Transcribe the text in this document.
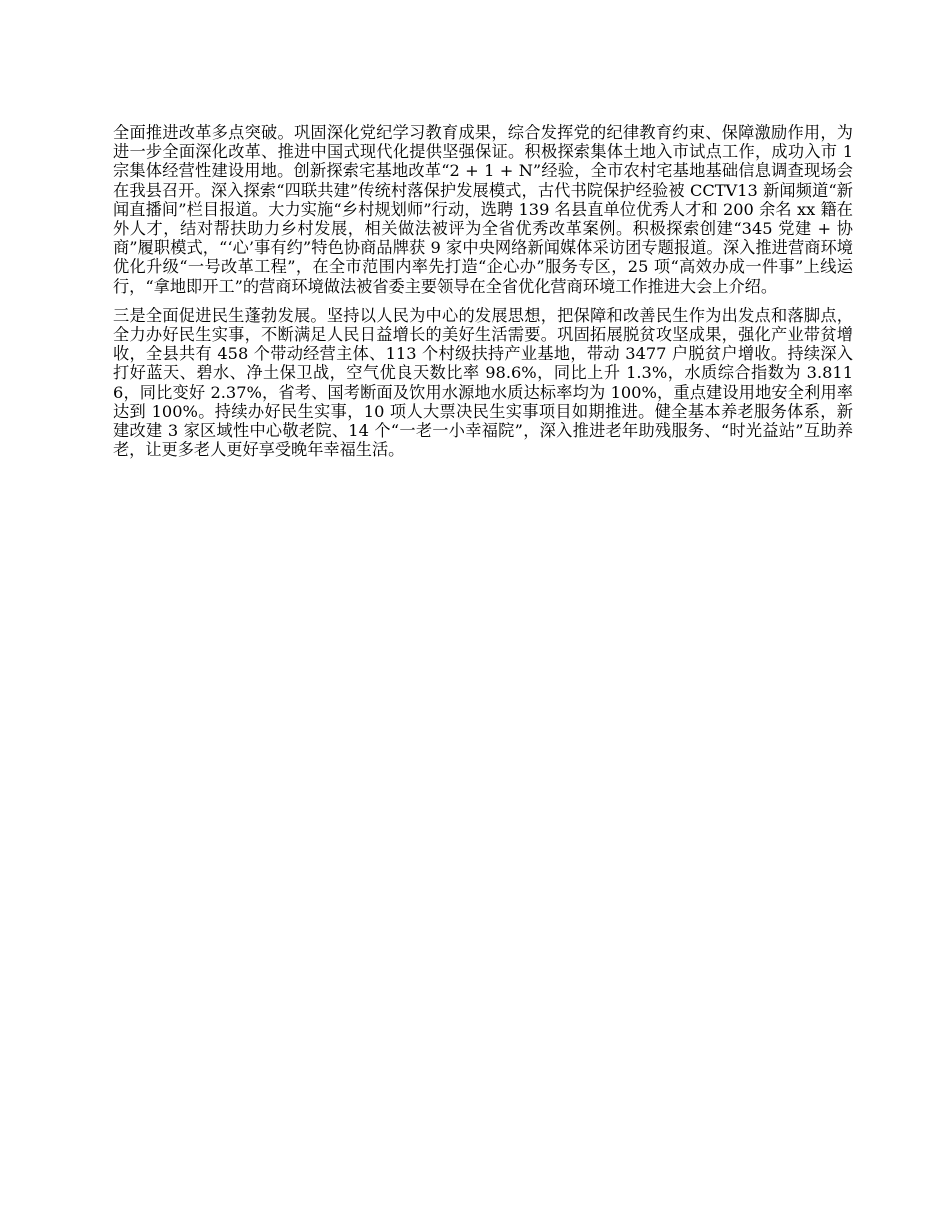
全面推进改革多点突破。巩固深化党纪学习教育成果，综合发挥党的纪律教育约束、保障激励作用，为进一步全面深化改革、推进中国式现代化提供坚强保证。积极探索集体土地入市试点工作，成功入市 1 宗集体经营性建设用地。创新探索宅基地改革“2 + 1 + N”经验，全市农村宅基地基础信息调查现场会在我县召开。深入探索“四联共建”传统村落保护发展模式，古代书院保护经验被 CCTV13 新闻频道“新闻直播间”栏目报道。大力实施“乡村规划师”行动，选聘 139 名县直单位优秀人才和 200 余名 xx 籍在外人才，结对帮扶助力乡村发展，相关做法被评为全省优秀改革案例。积极探索创建“345 党建 + 协商”履职模式，“‘心’事有约”特色协商品牌获 9 家中央网络新闻媒体采访团专题报道。深入推进营商环境优化升级“一号改革工程”，在全市范围内率先打造“企心办”服务专区，25 项“高效办成一件事”上线运行，“拿地即开工”的营商环境做法被省委主要领导在全省优化营商环境工作推进大会上介绍。

三是全面促进民生蓬勃发展。坚持以人民为中心的发展思想，把保障和改善民生作为出发点和落脚点，全力办好民生实事，不断满足人民日益增长的美好生活需要。巩固拓展脱贫攻坚成果，强化产业带贫增收，全县共有 458 个带动经营主体、113 个村级扶持产业基地，带动 3477 户脱贫户增收。持续深入打好蓝天、碧水、净土保卫战，空气优良天数比率 98.6%，同比上升 1.3%，水质综合指数为 3.8116，同比变好 2.37%，省考、国考断面及饮用水源地水质达标率均为 100%，重点建设用地安全利用率达到 100%。持续办好民生实事，10 项人大票决民生实事项目如期推进。健全基本养老服务体系，新建改建 3 家区域性中心敬老院、14 个“一老一小幸福院”，深入推进老年助残服务、“时光益站”互助养老，让更多老人更好享受晚年幸福生活。
